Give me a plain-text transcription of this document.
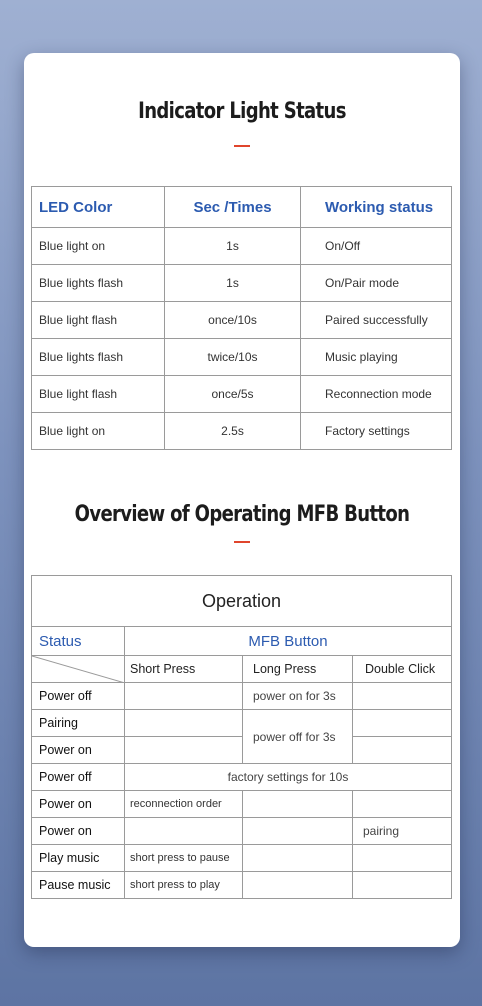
Indicator Light Status
LED Color	Sec /Times	Working status
Blue light on	1s	On/Off
Blue lights flash	1s	On/Pair mode
Blue light flash	once/10s	Paired successfully
Blue lights flash	twice/10s	Music playing
Blue light flash	once/5s	Reconnection mode
Blue light on	2.5s	Factory settings
Overview of Operating MFB Button
Operation			
Status	MFB Button		

	Short Press	Long Press	Double Click
Power off		power on for 3s	
Pairing		power off for 3s	
Power on			
Power off	factory settings for 10s		
Power on	reconnection order		
Power on			pairing
Play music	short press to pause		
Pause music	short press to play		
